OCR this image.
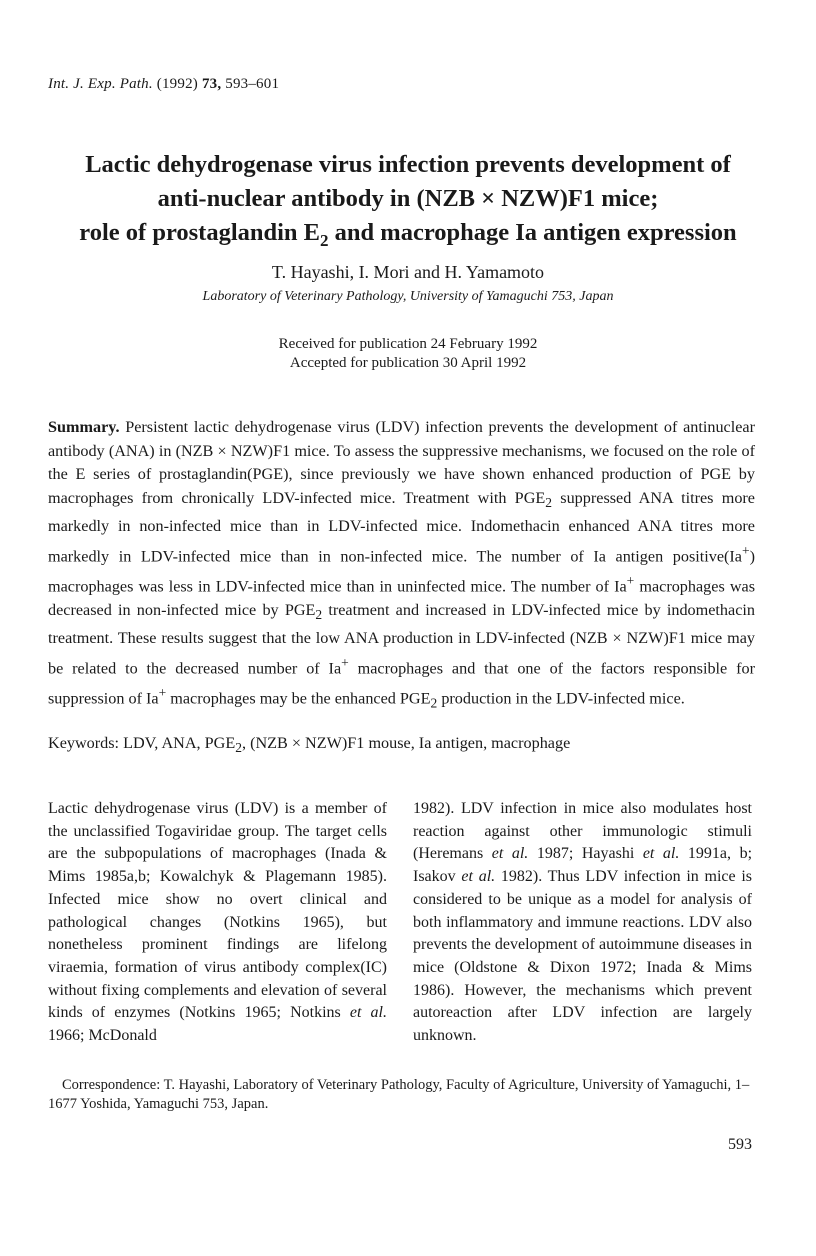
Int. J. Exp. Path. (1992) 73, 593–601
Lactic dehydrogenase virus infection prevents development of
anti-nuclear antibody in (NZB × NZW)F1 mice;
role of prostaglandin $E_2$ and macrophage Ia antigen expression
T. Hayashi, I. Mori and H. Yamamoto
Laboratory of Veterinary Pathology, University of Yamaguchi 753, Japan
Received for publication 24 February 1992
Accepted for publication 30 April 1992
Summary. Persistent lactic dehydrogenase virus (LDV) infection prevents the development of antinuclear antibody (ANA) in (NZB × NZW)F1 mice. To assess the suppressive mechanisms, we focused on the role of the E series of prostaglandin(PGE), since previously we have shown enhanced production of PGE by macrophages from chronically LDV-infected mice. Treatment with $PGE_2$ suppressed ANA titres more markedly in non-infected mice than in LDV-infected mice. Indomethacin enhanced ANA titres more markedly in LDV-infected mice than in non-infected mice. The number of Ia antigen positive(Ia+) macrophages was less in LDV-infected mice than in uninfected mice. The number of Ia+ macrophages was decreased in non-infected mice by $PGE_2$ treatment and increased in LDV-infected mice by indomethacin treatment. These results suggest that the low ANA production in LDV-infected (NZB × NZW)F1 mice may be related to the decreased number of Ia+ macrophages and that one of the factors responsible for suppression of Ia+ macrophages may be the enhanced $PGE_2$ production in the LDV-infected mice.
Keywords: LDV, ANA, $PGE_2$, (NZB × NZW)F1 mouse, Ia antigen, macrophage
Lactic dehydrogenase virus (LDV) is a member of the unclassified Togaviridae group. The target cells are the subpopulations of macrophages (Inada & Mims 1985a,b; Kowalchyk & Plagemann 1985). Infected mice show no overt clinical and pathological changes (Notkins 1965), but nonetheless prominent findings are lifelong viraemia, formation of virus antibody complex(IC) without fixing complements and elevation of several kinds of enzymes (Notkins 1965; Notkins et al. 1966; McDonald
1982). LDV infection in mice also modulates host reaction against other immunologic stimuli (Heremans et al. 1987; Hayashi et al. 1991a, b; Isakov et al. 1982). Thus LDV infection in mice is considered to be unique as a model for analysis of both inflammatory and immune reactions. LDV also prevents the development of autoimmune diseases in mice (Oldstone & Dixon 1972; Inada & Mims 1986). However, the mechanisms which prevent autoreaction after LDV infection are largely unknown.
Correspondence: T. Hayashi, Laboratory of Veterinary Pathology, Faculty of Agriculture, University of Yamaguchi, 1–1677 Yoshida, Yamaguchi 753, Japan.
593
